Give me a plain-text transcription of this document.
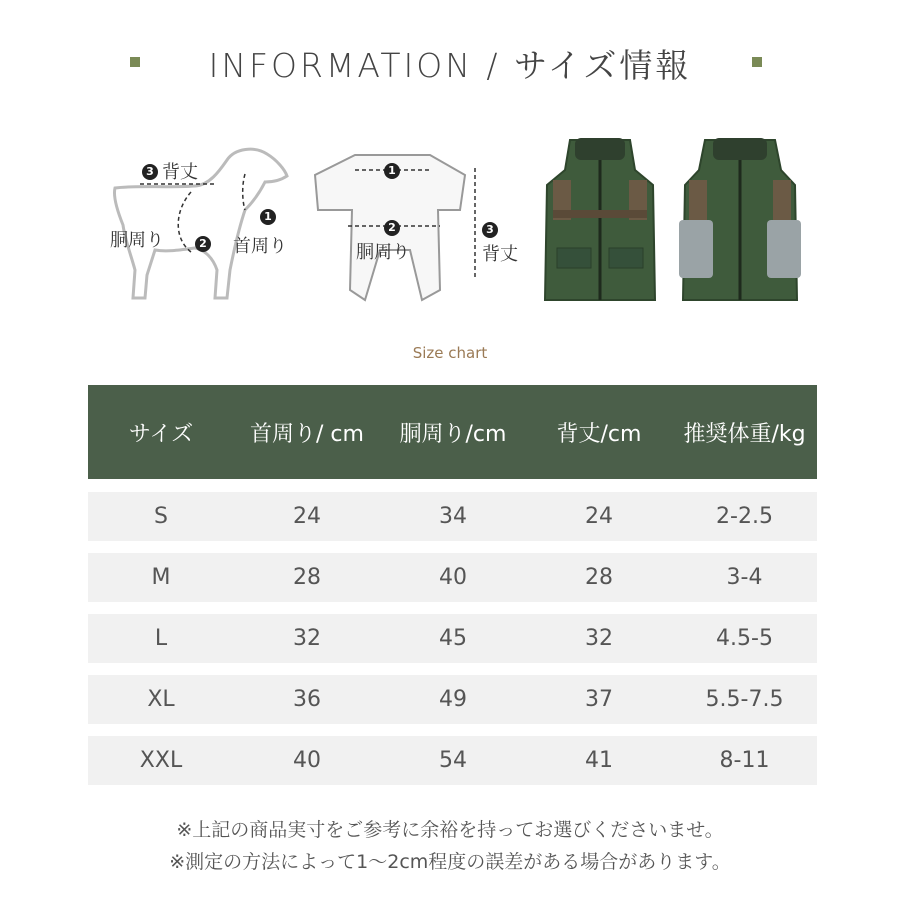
INFORMATION / サイズ情報
3 背丈
1
首周り
胴周り	2
1
2
胴周り
3
背丈
Size chart
サイズ	首周り/ cm	胴周り/cm	背丈/cm	推奨体重/kg
S	24	34	24	2-2.5
M	28	40	28	3-4
L	32	45	32	4.5-5
XL	36	49	37	5.5-7.5
XXL	40	54	41	8-11
※上記の商品実寸をご参考に余裕を持ってお選びくださいませ。
※測定の方法によって1〜2cm程度の誤差がある場合があります。
